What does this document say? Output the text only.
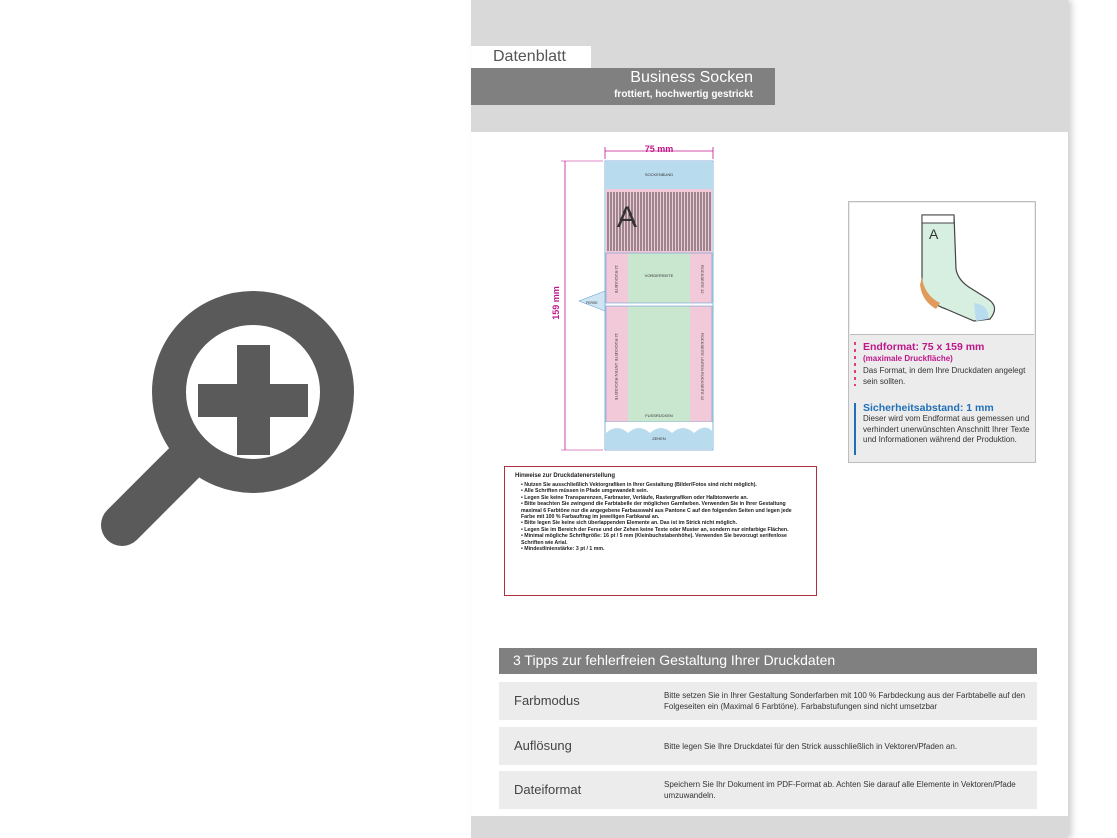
Datenblatt
Business Socken
frottiert, hochwertig gestrickt
75 mm
159 mm
SOCKENBUND
A
VORDERSEITE
12 RÜCKSEITE	RÜCKSEITE 12
FERSE
12 RÜCKSEITE UNTEN RÜCKSEITE	RÜCKSEITE UNTEN RÜCKSEITE 12
FUSSRÜCKEN
ZEHEN
Hinweise zur Druckdatenerstellung
• Nutzen Sie ausschließlich Vektorgrafiken in Ihrer Gestaltung (Bilder/Fotos sind nicht möglich).
• Alle Schriften müssen in Pfade umgewandelt sein.
• Legen Sie keine Transparenzen, Farbraster, Verläufe, Rastergrafiken oder Halbtonwerte an.
• Bitte beachten Sie zwingend die Farbtabelle der möglichen Garnfarben. Verwenden Sie in Ihrer Gestaltung maximal 6 Farbtöne nur die angegebene Farbauswahl aus Pantone C auf den folgenden Seiten und legen jede Farbe mit 100 % Farbauftrag im jeweiligen Farbkanal an.
• Bitte legen Sie keine sich überlappenden Elemente an. Das ist im Strick nicht möglich.
• Legen Sie im Bereich der Ferse und der Zehen keine Texte oder Muster an, sondern nur einfarbige Flächen.
• Minimal mögliche Schriftgröße: 16 pt / 5 mm (Kleinbuchstabenhöhe). Verwenden Sie bevorzugt serifenlose Schriften wie Arial.
• Mindestlinienstärke: 3 pt / 1 mm.
A
Endformat: 75 x 159 mm
(maximale Druckfläche)
Das Format, in dem Ihre Druckdaten angelegt sein sollten.
Sicherheitsabstand: 1 mm
Dieser wird vom Endformat aus gemessen und verhindert unerwünschten Anschnitt Ihrer Texte und Informationen während der Produktion.
3 Tipps zur fehlerfreien Gestaltung Ihrer Druckdaten
Farbmodus	Bitte setzen Sie in Ihrer Gestaltung Sonderfarben mit 100 % Farbdeckung aus der Farbtabelle auf den Folgeseiten ein (Maximal 6 Farbtöne). Farbabstufungen sind nicht umsetzbar
Auflösung	Bitte legen Sie Ihre Druckdatei für den Strick ausschließlich in Vektoren/Pfaden an.
Dateiformat	Speichern Sie Ihr Dokument im PDF-Format ab. Achten Sie darauf alle Elemente in Vektoren/Pfade umzuwandeln.
